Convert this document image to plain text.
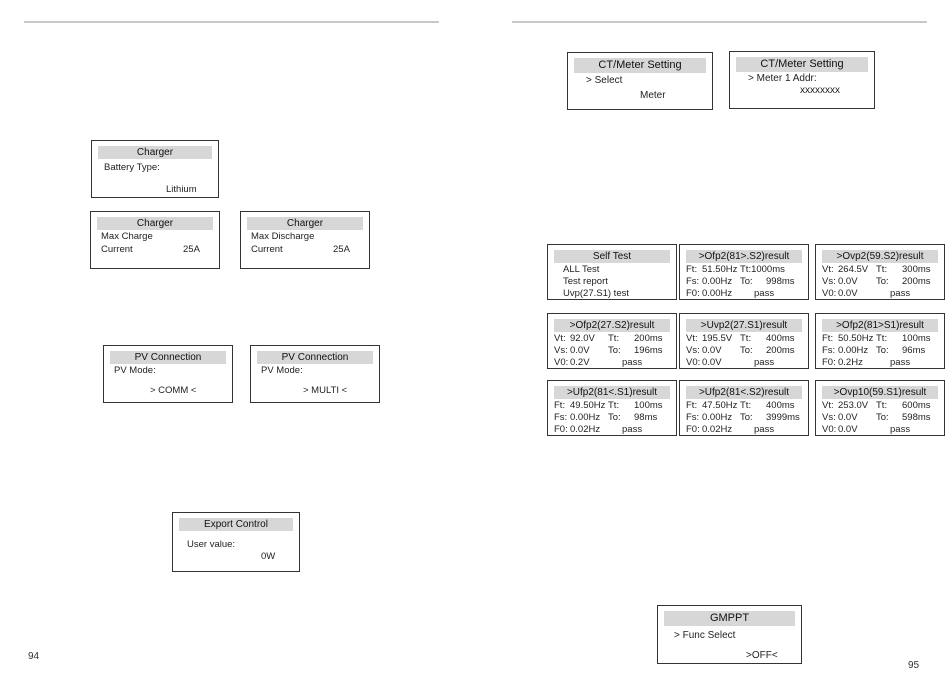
Charger
Battery Type:
Lithium
Charger
Max Charge
Current	25A
Charger
Max Discharge
Current	25A
PV Connection
PV Mode:
> COMM <
PV Connection
PV Mode:
> MULTI <
Export Control
User value:
0W
94
CT/Meter Setting
> Select
Meter
CT/Meter Setting
> Meter 1 Addr:
xxxxxxxx
Self Test
ALL Test
Test report
Uvp(27.S1) test
>Ofp2(81>.S2)result
Ft: 51.50Hz Tt:1000ms
Fs: 0.00Hz To: 998ms
F0: 0.00Hz pass
>Ovp2(59.S2)result
Vt: 264.5V Tt: 300ms
Vs: 0.0V To: 200ms
V0: 0.0V	pass
>Ofp2(27.S2)result
Vt: 92.0V Tt: 200ms
Vs: 0.0V To: 196ms
V0: 0.2V	pass
>Uvp2(27.S1)result
Vt: 195.5V Tt: 400ms
Vs: 0.0V To: 200ms
V0: 0.0V	pass
>Ofp2(81>S1)result
Ft: 50.50Hz Tt: 100ms
Fs: 0.00Hz To: 96ms
F0: 0.2Hz	pass
>Ufp2(81<.S1)result
Ft: 49.50Hz Tt: 100ms
Fs: 0.00Hz To: 98ms
F0: 0.02Hz pass
>Ufp2(81<.S2)result
Ft: 47.50Hz Tt: 400ms
Fs: 0.00Hz To: 3999ms
F0: 0.02Hz pass
>Ovp10(59.S1)result
Vt: 253.0V Tt: 600ms
Vs: 0.0V To: 598ms
V0: 0.0V	pass
GMPPT
> Func Select
>OFF<
95
